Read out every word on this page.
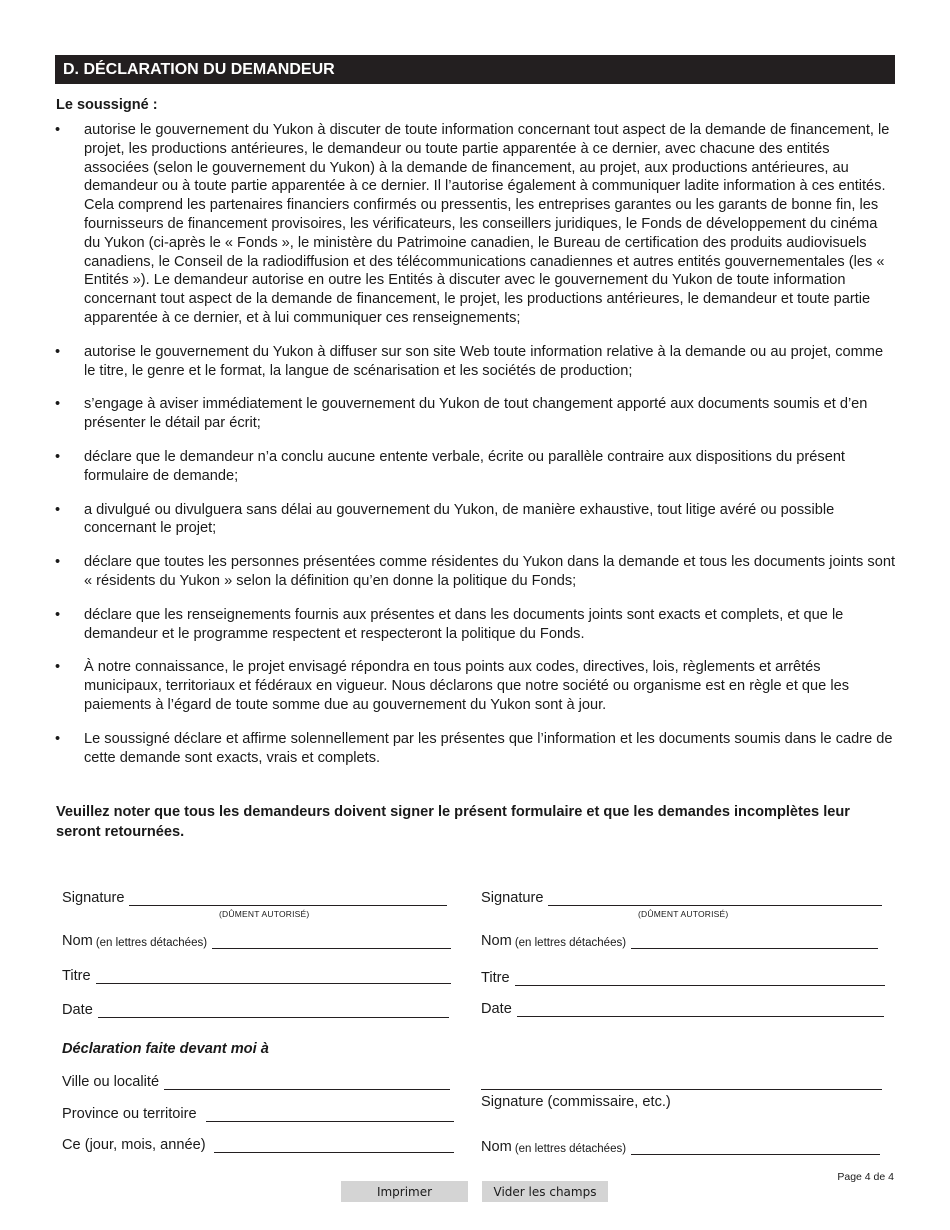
D. DÉCLARATION DU DEMANDEUR
Le soussigné :
• autorise le gouvernement du Yukon à discuter de toute information concernant tout aspect de la demande de financement, le projet, les productions antérieures, le demandeur ou toute partie apparentée à ce dernier, avec chacune des entités associées (selon le gouvernement du Yukon) à la demande de financement, au projet, aux productions antérieures, au demandeur ou à toute partie apparentée à ce dernier. Il l’autorise également à communiquer ladite information à ces entités. Cela comprend les partenaires financiers confirmés ou pressentis, les entreprises garantes ou les garants de bonne fin, les fournisseurs de financement provisoires, les vérificateurs, les conseillers juridiques, le Fonds de développement du cinéma du Yukon (ci-après le « Fonds », le ministère du Patrimoine canadien, le Bureau de certification des produits audiovisuels canadiens, le Conseil de la radiodiffusion et des télécommunications canadiennes et autres entités gouvernementales (les « Entités »). Le demandeur autorise en outre les Entités à discuter avec le gouvernement du Yukon de toute information concernant tout aspect de la demande de financement, le projet, les productions antérieures, le demandeur et toute partie apparentée à ce dernier, et à lui communiquer ces renseignements;
• autorise le gouvernement du Yukon à diffuser sur son site Web toute information relative à la demande ou au projet, comme le titre, le genre et le format, la langue de scénarisation et les sociétés de production;
• s’engage à aviser immédiatement le gouvernement du Yukon de tout changement apporté aux documents soumis et d’en présenter le détail par écrit;
• déclare que le demandeur n’a conclu aucune entente verbale, écrite ou parallèle contraire aux dispositions du présent formulaire de demande;
• a divulgué ou divulguera sans délai au gouvernement du Yukon, de manière exhaustive, tout litige avéré ou possible concernant le projet;
• déclare que toutes les personnes présentées comme résidentes du Yukon dans la demande et tous les documents joints sont « résidents du Yukon » selon la définition qu’en donne la politique du Fonds;
• déclare que les renseignements fournis aux présentes et dans les documents joints sont exacts et complets, et que le demandeur et le programme respectent et respecteront la politique du Fonds.
• À notre connaissance, le projet envisagé répondra en tous points aux codes, directives, lois, règlements et arrêtés municipaux, territoriaux et fédéraux en vigueur. Nous déclarons que notre société ou organisme est en règle et que les paiements à l’égard de toute somme due au gouvernement du Yukon sont à jour.
• Le soussigné déclare et affirme solennellement par les présentes que l’information et les documents soumis dans le cadre de cette demande sont exacts, vrais et complets.
Veuillez noter que tous les demandeurs doivent signer le présent formulaire et que les demandes incomplètes leur seront retournées.
Signature
(DÛMENT AUTORISÉ)
Nom (en lettres détachées)
Titre
Date
Signature
(DÛMENT AUTORISÉ)
Nom (en lettres détachées)
Titre
Date
Déclaration faite devant moi à
Ville ou localité
Province ou territoire
Ce (jour, mois, année)
Signature (commissaire, etc.)
Nom (en lettres détachées)
Page 4 de 4
Imprimer	Vider les champs
